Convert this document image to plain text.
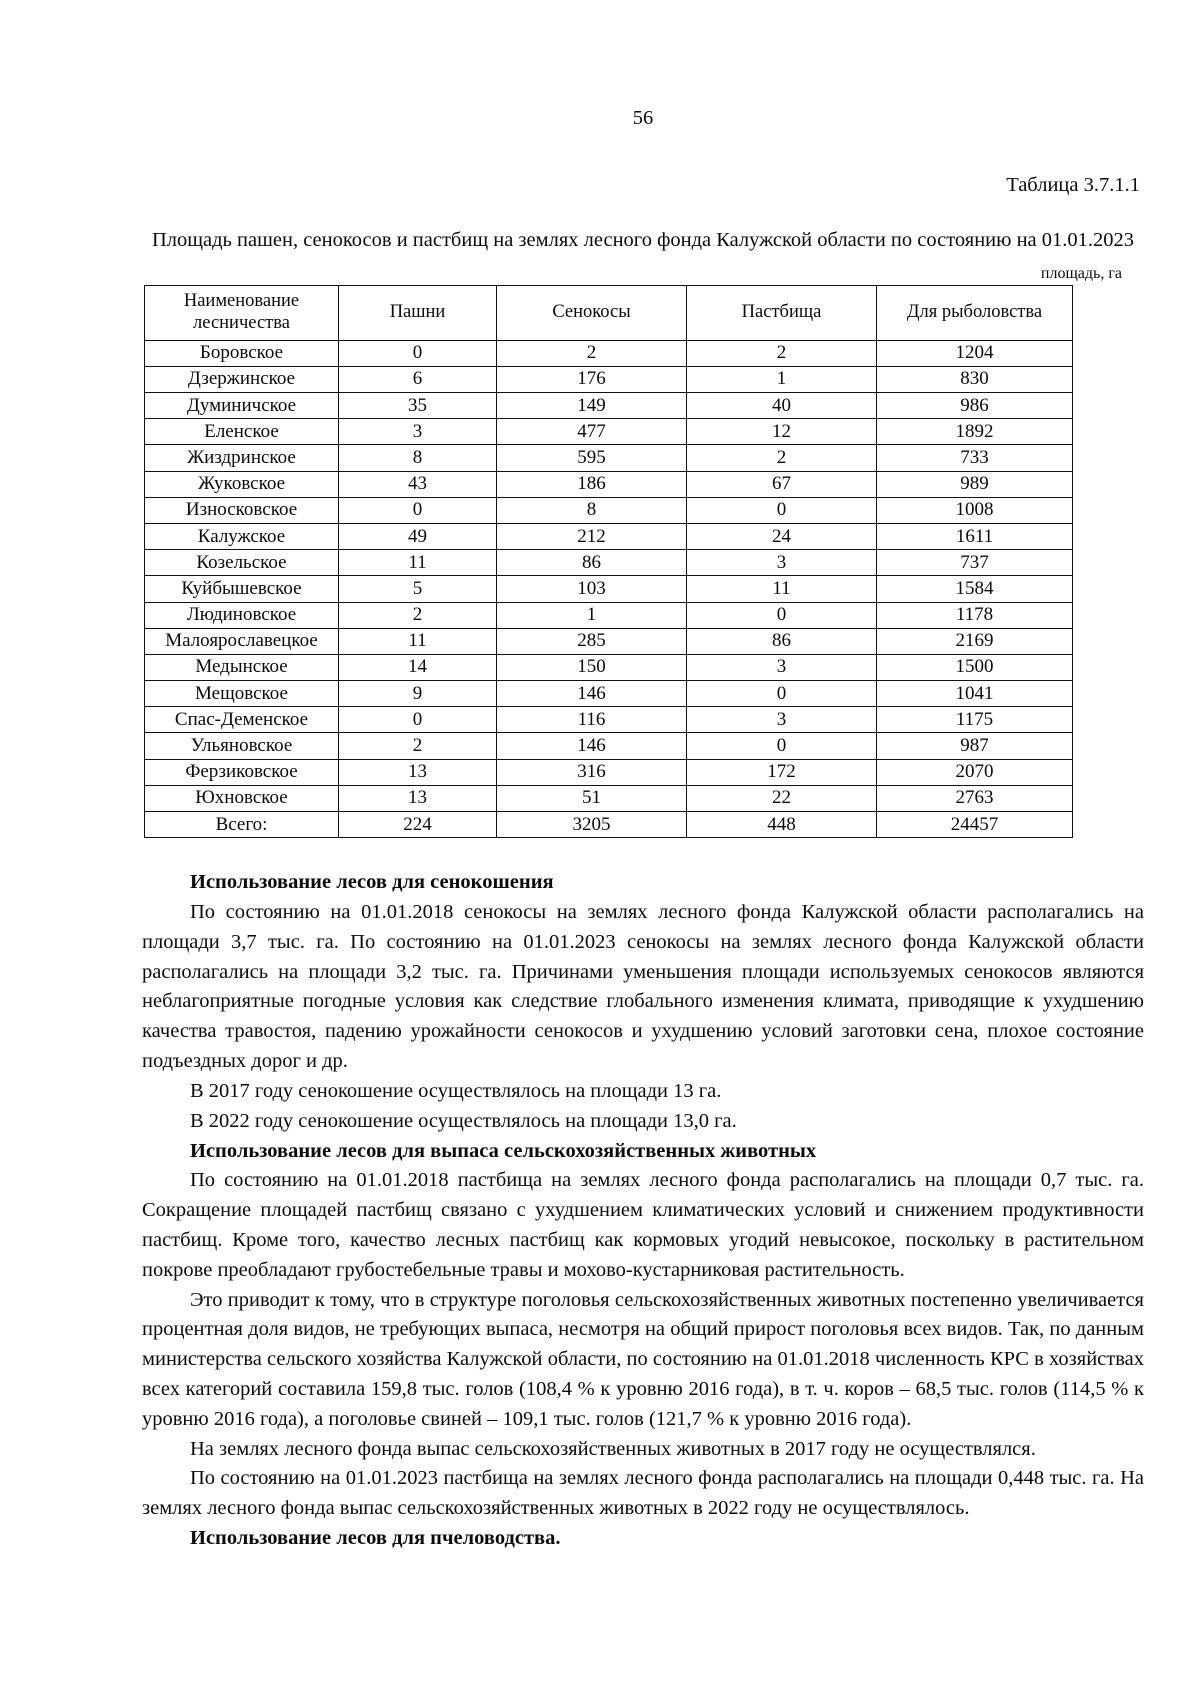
56
Таблица 3.7.1.1
Площадь пашен, сенокосов и пастбищ на землях лесного фонда Калужской области по состоянию на 01.01.2023
площадь, га
Наименование лесничества	Пашни	Сенокосы	Пастбища	Для рыболовства
Боровское	0	2	2	1204
Дзержинское	6	176	1	830
Думиничское	35	149	40	986
Еленское	3	477	12	1892
Жиздринское	8	595	2	733
Жуковское	43	186	67	989
Износковское	0	8	0	1008
Калужское	49	212	24	1611
Козельское	11	86	3	737
Куйбышевское	5	103	11	1584
Людиновское	2	1	0	1178
Малоярославецкое	11	285	86	2169
Медынское	14	150	3	1500
Мещовское	9	146	0	1041
Спас-Деменское	0	116	3	1175
Ульяновское	2	146	0	987
Ферзиковское	13	316	172	2070
Юхновское	13	51	22	2763
Всего:	224	3205	448	24457

Использование лесов для сенокошения

По состоянию на 01.01.2018 сенокосы на землях лесного фонда Калужской области располагались на площади 3,7 тыс. га. По состоянию на 01.01.2023 сенокосы на землях лесного фонда Калужской области располагались на площади 3,2 тыс. га. Причинами уменьшения площади используемых сенокосов являются неблагоприятные погодные условия как следствие глобального изменения климата, приводящие к ухудшению качества травостоя, падению урожайности сенокосов и ухудшению условий заготовки сена, плохое состояние подъездных дорог и др.

В 2017 году сенокошение осуществлялось на площади 13 га.

В 2022 году сенокошение осуществлялось на площади 13,0 га.

Использование лесов для выпаса сельскохозяйственных животных

По состоянию на 01.01.2018 пастбища на землях лесного фонда располагались на площади 0,7 тыс. га. Сокращение площадей пастбищ связано с ухудшением климатических условий и снижением продуктивности пастбищ. Кроме того, качество лесных пастбищ как кормовых угодий невысокое, поскольку в растительном покрове преобладают грубостебельные травы и мохово-кустарниковая растительность.

Это приводит к тому, что в структуре поголовья сельскохозяйственных животных постепенно увеличивается процентная доля видов, не требующих выпаса, несмотря на общий прирост поголовья всех видов. Так, по данным министерства сельского хозяйства Калужской области, по состоянию на 01.01.2018 численность КРС в хозяйствах всех категорий составила 159,8 тыс. голов (108,4 % к уровню 2016 года), в т. ч. коров – 68,5 тыс. голов (114,5 % к уровню 2016 года), а поголовье свиней – 109,1 тыс. голов (121,7 % к уровню 2016 года).

На землях лесного фонда выпас сельскохозяйственных животных в 2017 году не осуществлялся.

По состоянию на 01.01.2023 пастбища на землях лесного фонда располагались на площади 0,448 тыс. га. На землях лесного фонда выпас сельскохозяйственных животных в 2022 году не осуществлялось.

Использование лесов для пчеловодства.
